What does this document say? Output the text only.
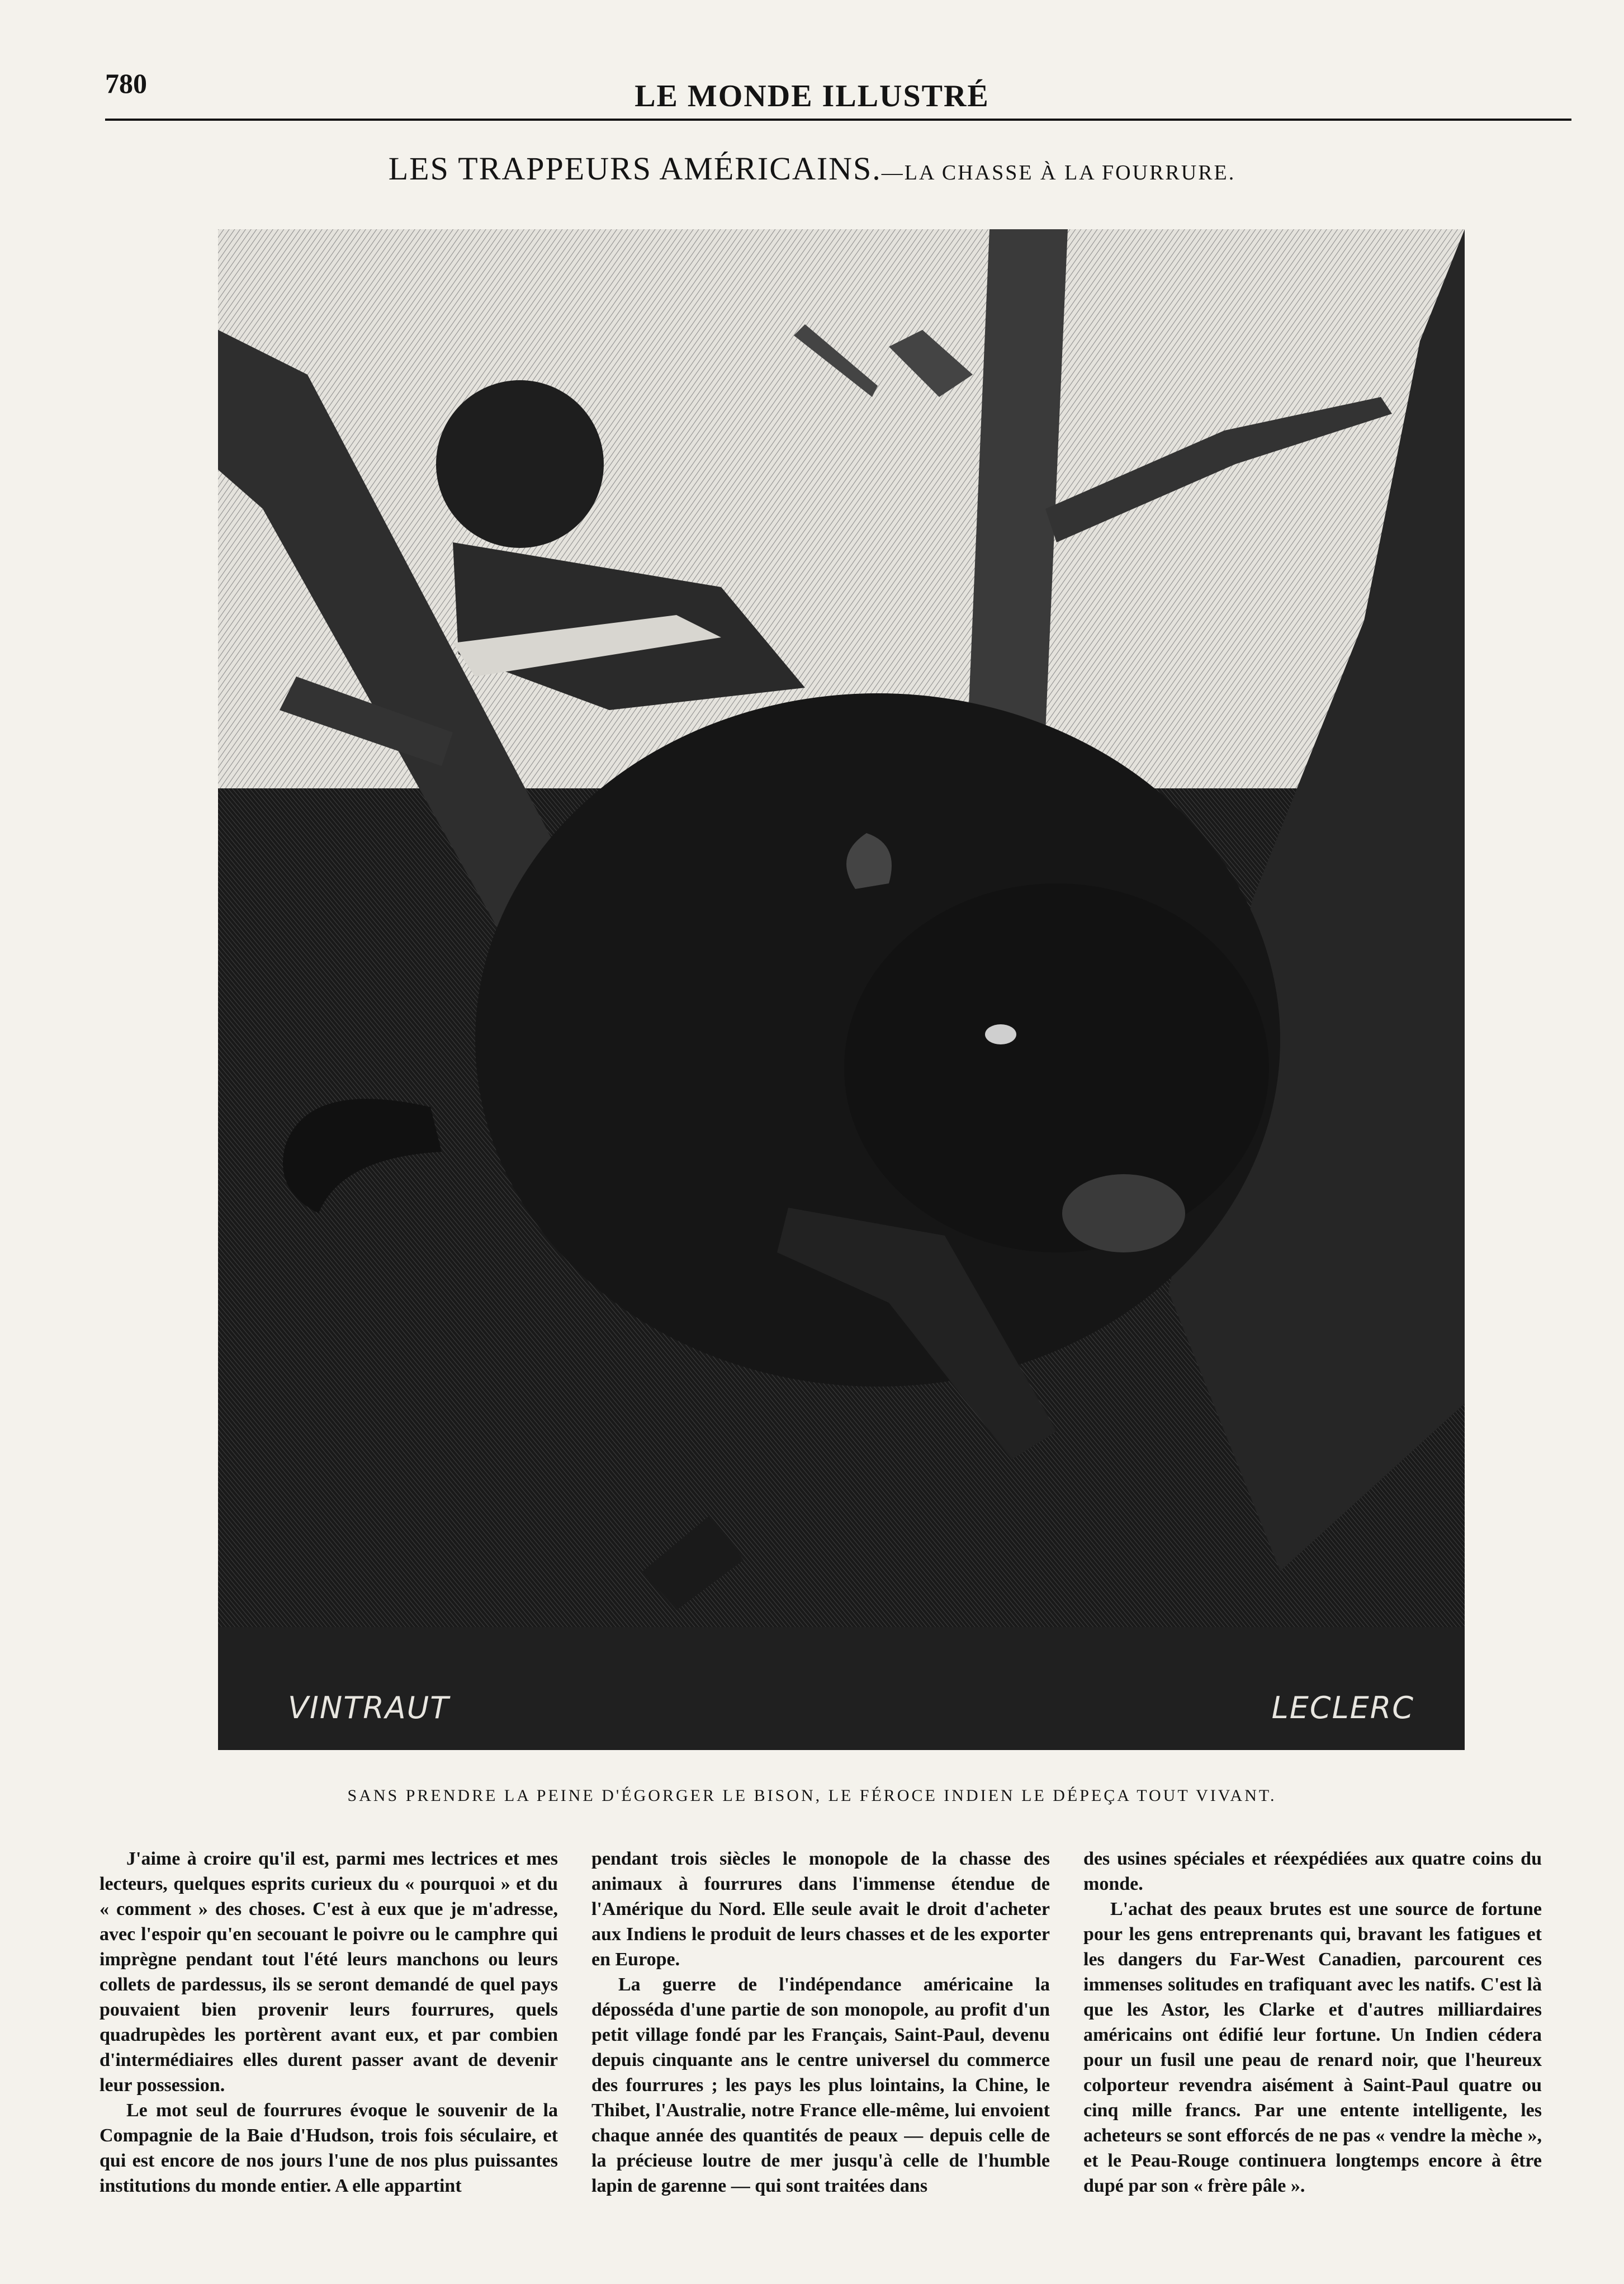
780	LE MONDE ILLUSTRÉ
LES TRAPPEURS AMÉRICAINS.—LA CHASSE À LA FOURRURE.
VINTRAUT	LECLERC
SANS PRENDRE LA PEINE D'ÉGORGER LE BISON, LE FÉROCE INDIEN LE DÉPEÇA TOUT VIVANT.

J'aime à croire qu'il est, parmi mes lectrices et mes lecteurs, quelques esprits curieux du « pourquoi » et du « comment » des choses. C'est à eux que je m'adresse, avec l'espoir qu'en secouant le poivre ou le camphre qui imprègne pendant tout l'été leurs manchons ou leurs collets de pardessus, ils se seront demandé de quel pays pouvaient bien provenir leurs fourrures, quels quadrupèdes les portèrent avant eux, et par combien d'intermédiaires elles durent passer avant de devenir leur possession.

Le mot seul de fourrures évoque le souvenir de la Compagnie de la Baie d'Hudson, trois fois séculaire, et qui est encore de nos jours l'une de nos plus puissantes institutions du monde entier. A elle appartint

pendant trois siècles le monopole de la chasse des animaux à fourrures dans l'immense étendue de l'Amérique du Nord. Elle seule avait le droit d'acheter aux Indiens le produit de leurs chasses et de les exporter en Europe.

La guerre de l'indépendance américaine la déposséda d'une partie de son monopole, au profit d'un petit village fondé par les Français, Saint-Paul, devenu depuis cinquante ans le centre universel du commerce des fourrures ; les pays les plus lointains, la Chine, le Thibet, l'Australie, notre France elle-même, lui envoient chaque année des quantités de peaux — depuis celle de la précieuse loutre de mer jusqu'à celle de l'humble lapin de garenne — qui sont traitées dans

des usines spéciales et réexpédiées aux quatre coins du monde.

L'achat des peaux brutes est une source de fortune pour les gens entreprenants qui, bravant les fatigues et les dangers du Far-West Canadien, parcourent ces immenses solitudes en trafiquant avec les natifs. C'est là que les Astor, les Clarke et d'autres milliardaires américains ont édifié leur fortune. Un Indien cédera pour un fusil une peau de renard noir, que l'heureux colporteur revendra aisément à Saint-Paul quatre ou cinq mille francs. Par une entente intelligente, les acheteurs se sont efforcés de ne pas « vendre la mèche », et le Peau-Rouge continuera longtemps encore à être dupé par son « frère pâle ».
